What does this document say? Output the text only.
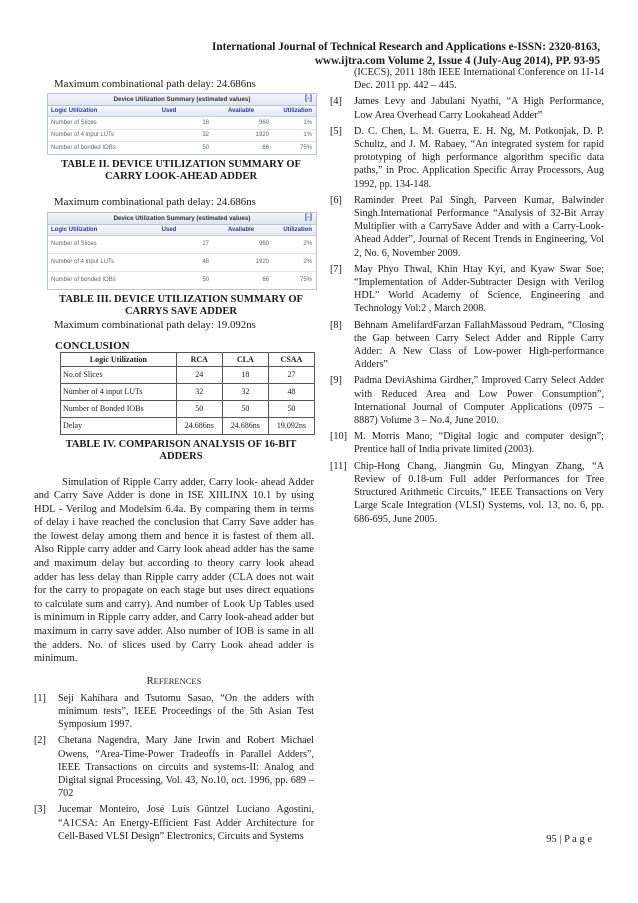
International Journal of Technical Research and Applications e-ISSN: 2320-8163,
www.ijtra.com Volume 2, Issue 4 (July-Aug 2014), PP. 93-95
Maximum combinational path delay: 24.686ns
Device Utilization Summary (estimated values)	[-]
Logic Utilization	Used	Available	Utilization
Number of Slices	18	960	1%
Number of 4 input LUTs	32	1920	1%
Number of bonded IOBs	50	66	75%
TABLE II. DEVICE UTILIZATION SUMMARY OF CARRY LOOK-AHEAD ADDER
Maximum combinational path delay: 24.686ns
Device Utilization Summary (estimated values)	[-]
Logic Utilization	Used	Available	Utilization
Number of Slices	27	960	2%
Number of 4 input LUTs	48	1920	2%
Number of bonded IOBs	50	66	75%
TABLE III. DEVICE UTILIZATION SUMMARY OF CARRYS SAVE ADDER
Maximum combinational path delay: 19.092ns
CONCLUSION
Logic Utilization	RCA	CLA	CSAA
No.of Slices	24	18	27
Number of 4 input LUTs	32	32	48
Number of Bonded IOBs	50	50	50
Delay	24.686ns	24.686ns	19.092ns
TABLE IV. COMPARISON ANALYSIS OF 16-BIT ADDERS
Simulation of Ripple Carry adder, Carry look- ahead Adder and Carry Save Adder is done in ISE XIILINX 10.1 by using HDL - Verilog and Modelsim 6.4a. By comparing them in terms of delay i have reached the conclusion that Carry Save adder has the lowest delay among them and hence it is fastest of them all. Also Ripple carry adder and Carry look ahead adder has the same and maximum delay but according to theory carry look ahead adder has less delay than Ripple carry adder (CLA does not wait for the carry to propagate on each stage but uses direct equations to calculate sum and carry). And number of Look Up Tables used is minimum in Ripple carry adder, and Carry look-ahead adder but maximum in carry save adder. Also number of IOB is same in all the adders. No. of slices used by Carry Look ahead adder is minimum.
REFERENCES
[1]	Seji Kahihara and Tsutomu Sasao, “On the adders with minimum tests”, IEEE Proceedings of the 5th Asian Test Symposium 1997.
[2]	Chetana Nagendra, Mary Jane Irwin and Robert Michael Owens, “Area-Time-Power Tradeoffs in Parallel Adders”, IEEE Transactions on circuits and systems-II: Analog and Digital signal Processing, Vol. 43, No.10, oct. 1996, pp. 689 – 702
[3]	Jucemar Monteiro, José Luís Güntzel Luciano Agostini, “A1CSA: An Energy-Efficient Fast Adder Architecture for Cell-Based VLSI Design” Electronics, Circuits and Systems
(ICECS), 2011 18th IEEE International Conference on 11-14 Dec. 2011 pp. 442 – 445.
[4]	James Levy and Jabulani Nyathi, “A High Performance, Low Area Overhead Carry Lookahead Adder”
[5]	D. C. Chen, L. M. Guerra, E. H. Ng, M. Potkonjak, D. P. Schultz, and J. M. Rabaey, “An integrated system for rapid prototyping of high performance algorithm specific data paths,” in Proc. Application Specific Array Processors, Aug 1992, pp. 134-148.
[6]	Raminder Preet Pal Singh, Parveen Kumar, Balwinder Singh.International Performance “Analysis of 32-Bit Array Multiplier with a CarrySave Adder and with a Carry-Look-Ahead Adder”, Journal of Recent Trends in Engineering, Vol 2, No. 6, November 2009.
[7]	May Phyo Thwal, Khin Htay Kyi, and Kyaw Swar Soe; “Implementation of Adder-Subtracter Design with Verilog HDL” World Academy of Science, Engineering and Technology Vol:2 , March 2008.
[8]	Behnam AmelifardFarzan FallahMassoud Pedram, “Closing the Gap between Carry Select Adder and Ripple Carry Adder: A New Class of Low-power High-performance Adders”
[9]	Padma DeviAshima Girdher,” Improved Carry Select Adder with Reduced Area and Low Power Consumption”, International Journal of Computer Applications (0975 – 8887) Volume 3 – No.4, June 2010.
[10] M. Morris Mano; “Digital logic and computer design”; Prentice hall of India private limited (2003).
[11] Chip-Hong Chang, Jiangmin Gu, Mingyan Zhang, “A Review of 0.18-um Full adder Performances for Tree Structured Arithmetic Circuits,” IEEE Transactions on Very Large Scale Integration (VLSI) Systems, vol. 13, no. 6, pp. 686-695, June 2005.
95 | P a g e
